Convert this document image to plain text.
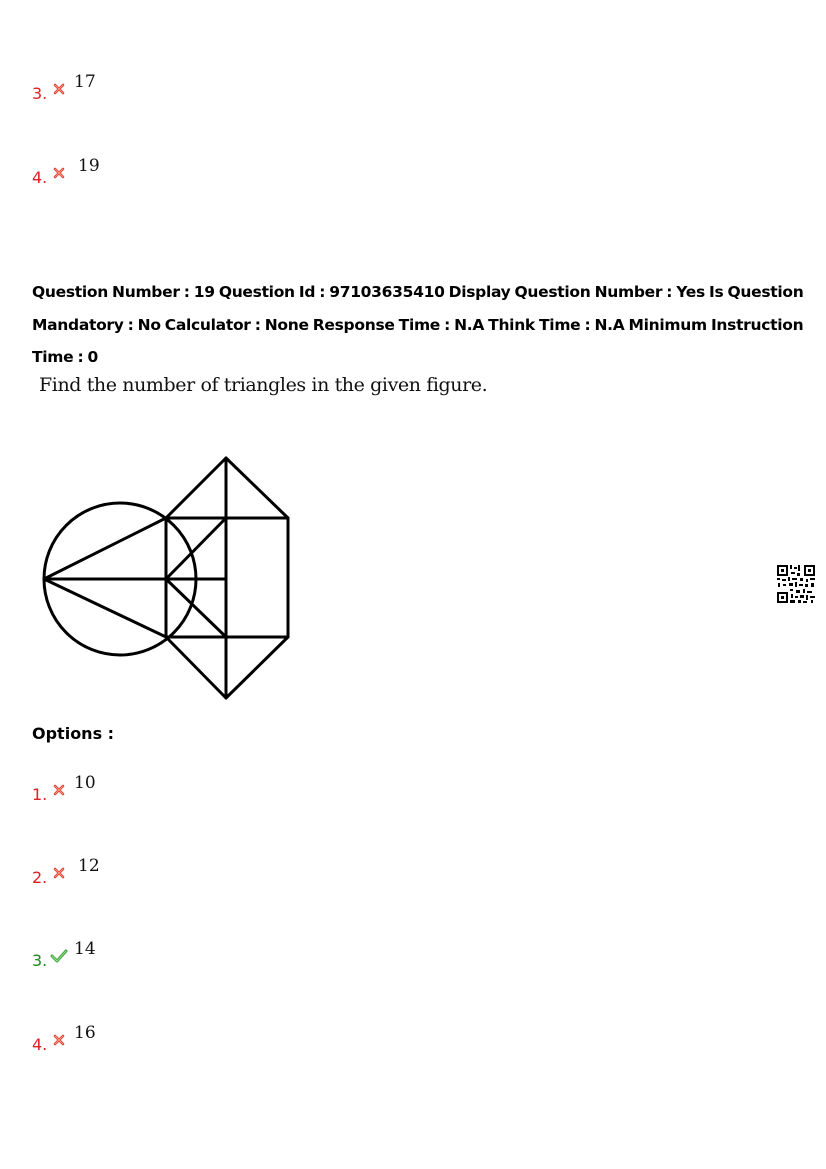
3.
17
4.
19
Question Number : 19 Question Id : 97103635410 Display Question Number : Yes Is Question Mandatory : No Calculator : None Response Time : N.A Think Time : N.A Minimum Instruction Time : 0
Find the number of triangles in the given figure.
Options :
1.
10
2.
12
3.
14
4.
16
